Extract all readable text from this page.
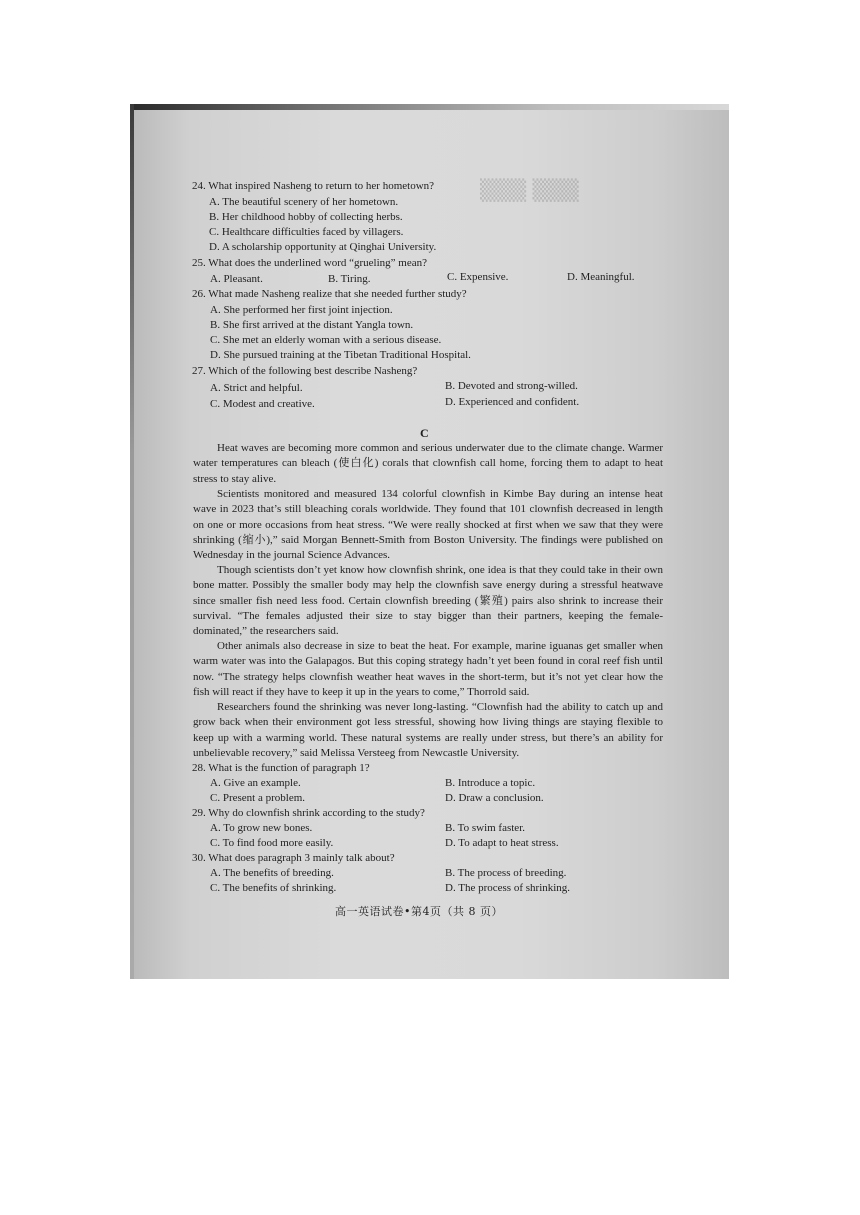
▒▒▒ ▒▒▒
24. What inspired Nasheng to return to her hometown?
A. The beautiful scenery of her hometown.
B. Her childhood hobby of collecting herbs.
C. Healthcare difficulties faced by villagers.
D. A scholarship opportunity at Qinghai University.
25. What does the underlined word “grueling” mean?
A. Pleasant.	B. Tiring.	C. Expensive.	D. Meaningful.
26. What made Nasheng realize that she needed further study?
A. She performed her first joint injection.
B. She first arrived at the distant Yangla town.
C. She met an elderly woman with a serious disease.
D. She pursued training at the Tibetan Traditional Hospital.
27. Which of the following best describe Nasheng?
A. Strict and helpful.	B. Devoted and strong-willed.
C. Modest and creative.	D. Experienced and confident.
C
Heat waves are becoming more common and serious underwater due to the climate change. Warmer water temperatures can bleach (使白化) corals that clownfish call home, forcing them to adapt to heat stress to stay alive.
Scientists monitored and measured 134 colorful clownfish in Kimbe Bay during an intense heat wave in 2023 that’s still bleaching corals worldwide. They found that 101 clownfish decreased in length on one or more occasions from heat stress. “We were really shocked at first when we saw that they were shrinking (缩小),” said Morgan Bennett-Smith from Boston University. The findings were published on Wednesday in the journal Science Advances.
Though scientists don’t yet know how clownfish shrink, one idea is that they could take in their own bone matter. Possibly the smaller body may help the clownfish save energy during a stressful heatwave since smaller fish need less food. Certain clownfish breeding (繁殖) pairs also shrink to increase their survival. “The females adjusted their size to stay bigger than their partners, keeping the female-dominated,” the researchers said.
Other animals also decrease in size to beat the heat. For example, marine iguanas get smaller when warm water was into the Galapagos. But this coping strategy hadn’t yet been found in coral reef fish until now. “The strategy helps clownfish weather heat waves in the short-term, but it’s not yet clear how the fish will react if they have to keep it up in the years to come,” Thorrold said.
Researchers found the shrinking was never long-lasting. “Clownfish had the ability to catch up and grow back when their environment got less stressful, showing how living things are staying flexible to keep up with a warming world. These natural systems are really under stress, but there’s an ability for unbelievable recovery,” said Melissa Versteeg from Newcastle University.
28. What is the function of paragraph 1?
A. Give an example.	B. Introduce a topic.
C. Present a problem.	D. Draw a conclusion.
29. Why do clownfish shrink according to the study?
A. To grow new bones.	B. To swim faster.
C. To find food more easily.	D. To adapt to heat stress.
30. What does paragraph 3 mainly talk about?
A. The benefits of breeding.	B. The process of breeding.
C. The benefits of shrinking.	D. The process of shrinking.
高一英语试卷•第4页（共 8 页）
